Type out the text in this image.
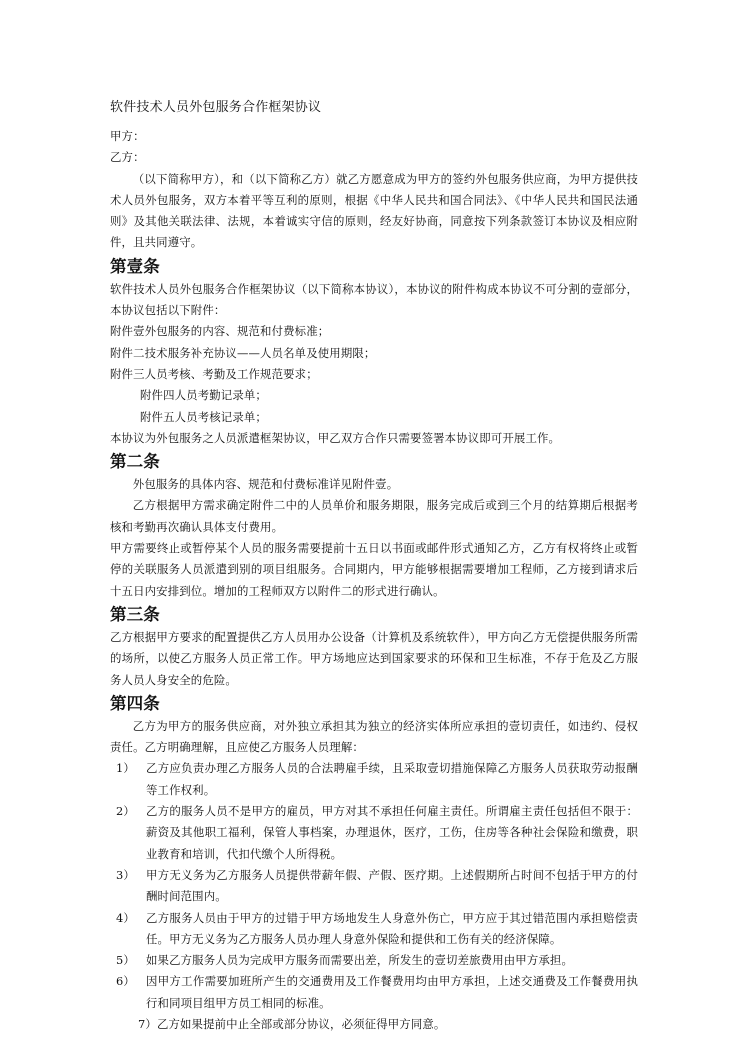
软件技术人员外包服务合作框架协议

甲方：

乙方：

（以下简称甲方），和（以下简称乙方）就乙方愿意成为甲方的签约外包服务供应商，为甲方提供技术人员外包服务，双方本着平等互利的原则，根据《中华人民共和国合同法》、《中华人民共和国民法通则》及其他关联法律、法规，本着诚实守信的原则，经友好协商，同意按下列条款签订本协议及相应附件，且共同遵守。

第壹条

软件技术人员外包服务合作框架协议（以下简称本协议），本协议的附件构成本协议不可分割的壹部分，本协议包括以下附件：

附件壹外包服务的内容、规范和付费标准；

附件二技术服务补充协议——人员名单及使用期限；

附件三人员考核、考勤及工作规范要求；

附件四人员考勤记录单；

附件五人员考核记录单；

本协议为外包服务之人员派遣框架协议，甲乙双方合作只需要签署本协议即可开展工作。

第二条

外包服务的具体内容、规范和付费标准详见附件壹。

乙方根据甲方需求确定附件二中的人员单价和服务期限，服务完成后或到三个月的结算期后根据考核和考勤再次确认具体支付费用。

甲方需要终止或暂停某个人员的服务需要提前十五日以书面或邮件形式通知乙方，乙方有权将终止或暂停的关联服务人员派遣到别的项目组服务。合同期内，甲方能够根据需要增加工程师，乙方接到请求后十五日内安排到位。增加的工程师双方以附件二的形式进行确认。

第三条

乙方根据甲方要求的配置提供乙方人员用办公设备（计算机及系统软件），甲方向乙方无偿提供服务所需的场所，以使乙方服务人员正常工作。甲方场地应达到国家要求的环保和卫生标准，不存于危及乙方服务人员人身安全的危险。

第四条

乙方为甲方的服务供应商，对外独立承担其为独立的经济实体所应承担的壹切责任，如违约、侵权责任。乙方明确理解，且应使乙方服务人员理解：

1） 乙方应负责办理乙方服务人员的合法聘雇手续，且采取壹切措施保障乙方服务人员获取劳动报酬等工作权利。
2） 乙方的服务人员不是甲方的雇员，甲方对其不承担任何雇主责任。所谓雇主责任包括但不限于：薪资及其他职工福利，保管人事档案，办理退休，医疗，工伤，住房等各种社会保险和缴费，职业教育和培训，代扣代缴个人所得税。
3） 甲方无义务为乙方服务人员提供带薪年假、产假、医疗期。上述假期所占时间不包括于甲方的付酬时间范围内。
4） 乙方服务人员由于甲方的过错于甲方场地发生人身意外伤亡，甲方应于其过错范围内承担赔偿责任。甲方无义务为乙方服务人员办理人身意外保险和提供和工伤有关的经济保障。
5） 如果乙方服务人员为完成甲方服务而需要出差，所发生的壹切差旅费用由甲方承担。
6） 因甲方工作需要加班所产生的交通费用及工作餐费用均由甲方承担，上述交通费及工作餐费用执行和同项目组甲方员工相同的标准。

7）乙方如果提前中止全部或部分协议，必须征得甲方同意。
